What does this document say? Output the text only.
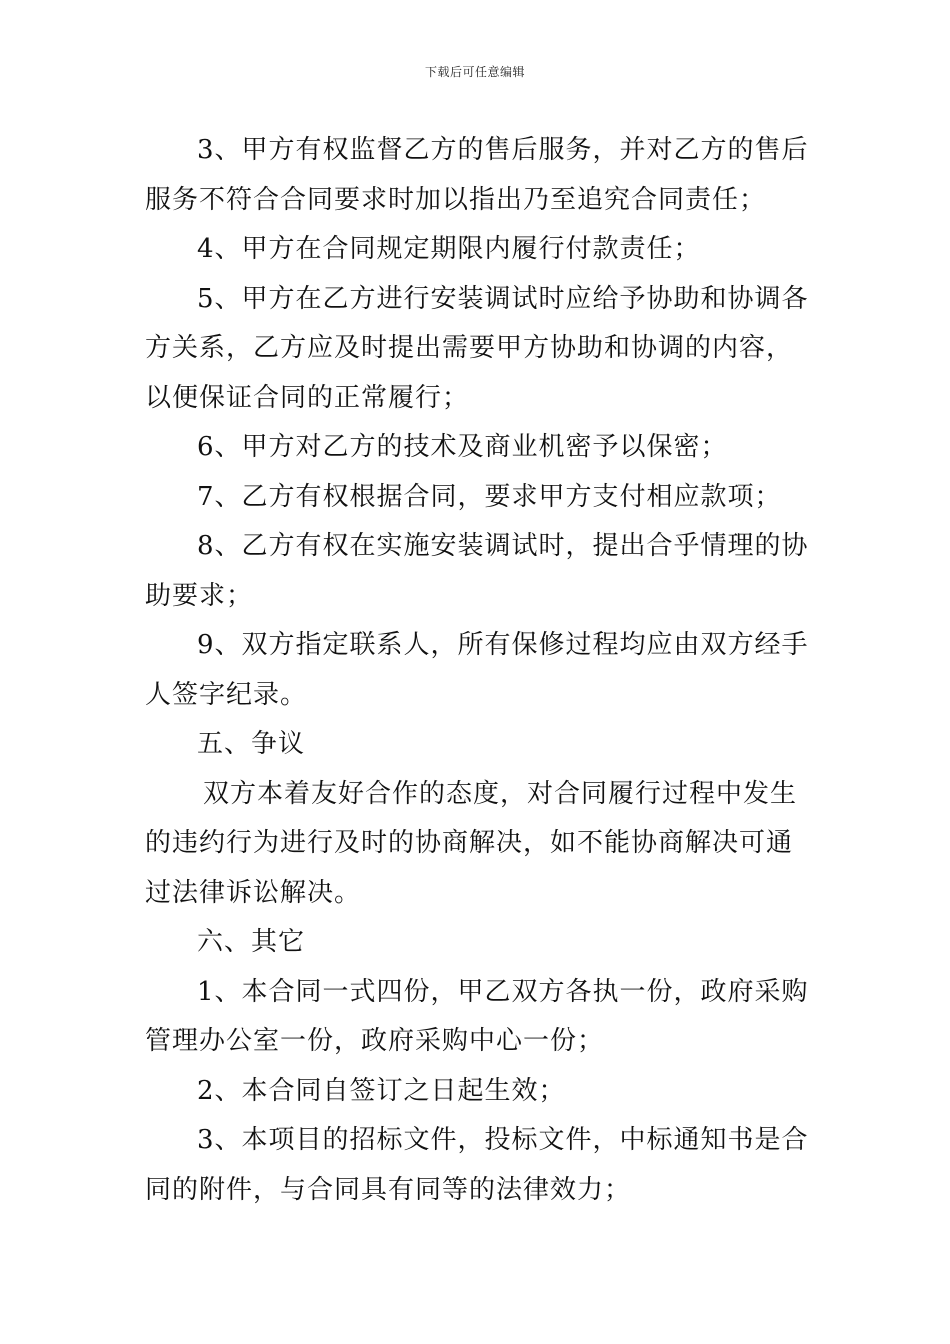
下载后可任意编辑

3、甲方有权监督乙方的售后服务，并对乙方的售后服务不符合合同要求时加以指出乃至追究合同责任；

4、甲方在合同规定期限内履行付款责任；

5、甲方在乙方进行安装调试时应给予协助和协调各方关系，乙方应及时提出需要甲方协助和协调的内容，以便保证合同的正常履行；

6、甲方对乙方的技术及商业机密予以保密；

7、乙方有权根据合同，要求甲方支付相应款项；

8、乙方有权在实施安装调试时，提出合乎情理的协助要求；

9、双方指定联系人，所有保修过程均应由双方经手人签字纪录。

五、争议

双方本着友好合作的态度，对合同履行过程中发生的违约行为进行及时的协商解决，如不能协商解决可通过法律诉讼解决。

六、其它

1、本合同一式四份，甲乙双方各执一份，政府采购管理办公室一份，政府采购中心一份；

2、本合同自签订之日起生效；

3、本项目的招标文件，投标文件，中标通知书是合同的附件，与合同具有同等的法律效力；
